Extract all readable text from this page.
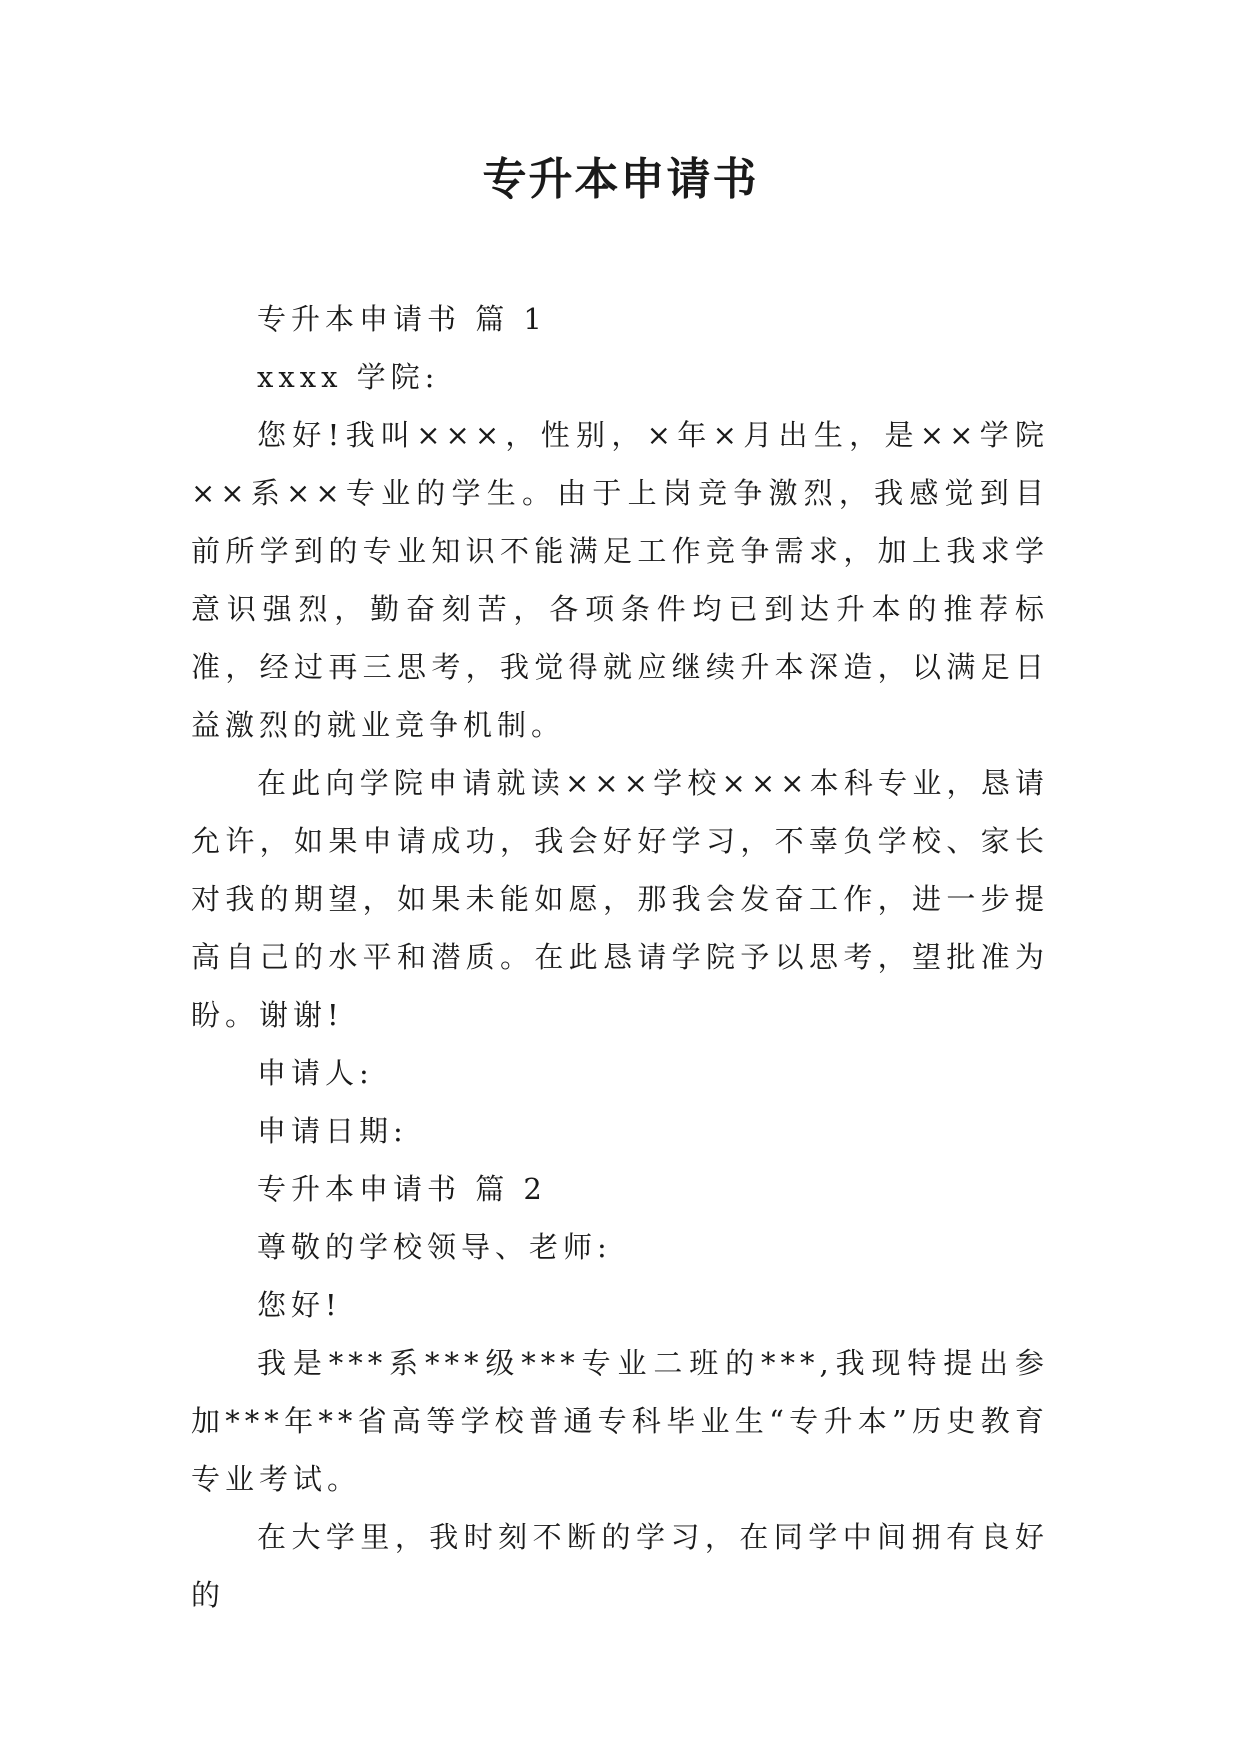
专升本申请书

专升本申请书 篇 1

xxxx 学院:

您好!我叫×××，性别，×年×月出生，是××学院××系××专业的学生。由于上岗竞争激烈，我感觉到目前所学到的专业知识不能满足工作竞争需求，加上我求学意识强烈，勤奋刻苦，各项条件均已到达升本的推荐标准，经过再三思考，我觉得就应继续升本深造，以满足日益激烈的就业竞争机制。

在此向学院申请就读×××学校×××本科专业，恳请允许，如果申请成功，我会好好学习，不辜负学校、家长对我的期望，如果未能如愿，那我会发奋工作，进一步提高自己的水平和潜质。在此恳请学院予以思考，望批准为盼。谢谢!

申请人:

申请日期:

专升本申请书 篇 2

尊敬的学校领导、老师:

您好!

我是***系***级***专业二班的***,我现特提出参加***年**省高等学校普通专科毕业生“专升本”历史教育专业考试。

在大学里，我时刻不断的学习，在同学中间拥有良好的
